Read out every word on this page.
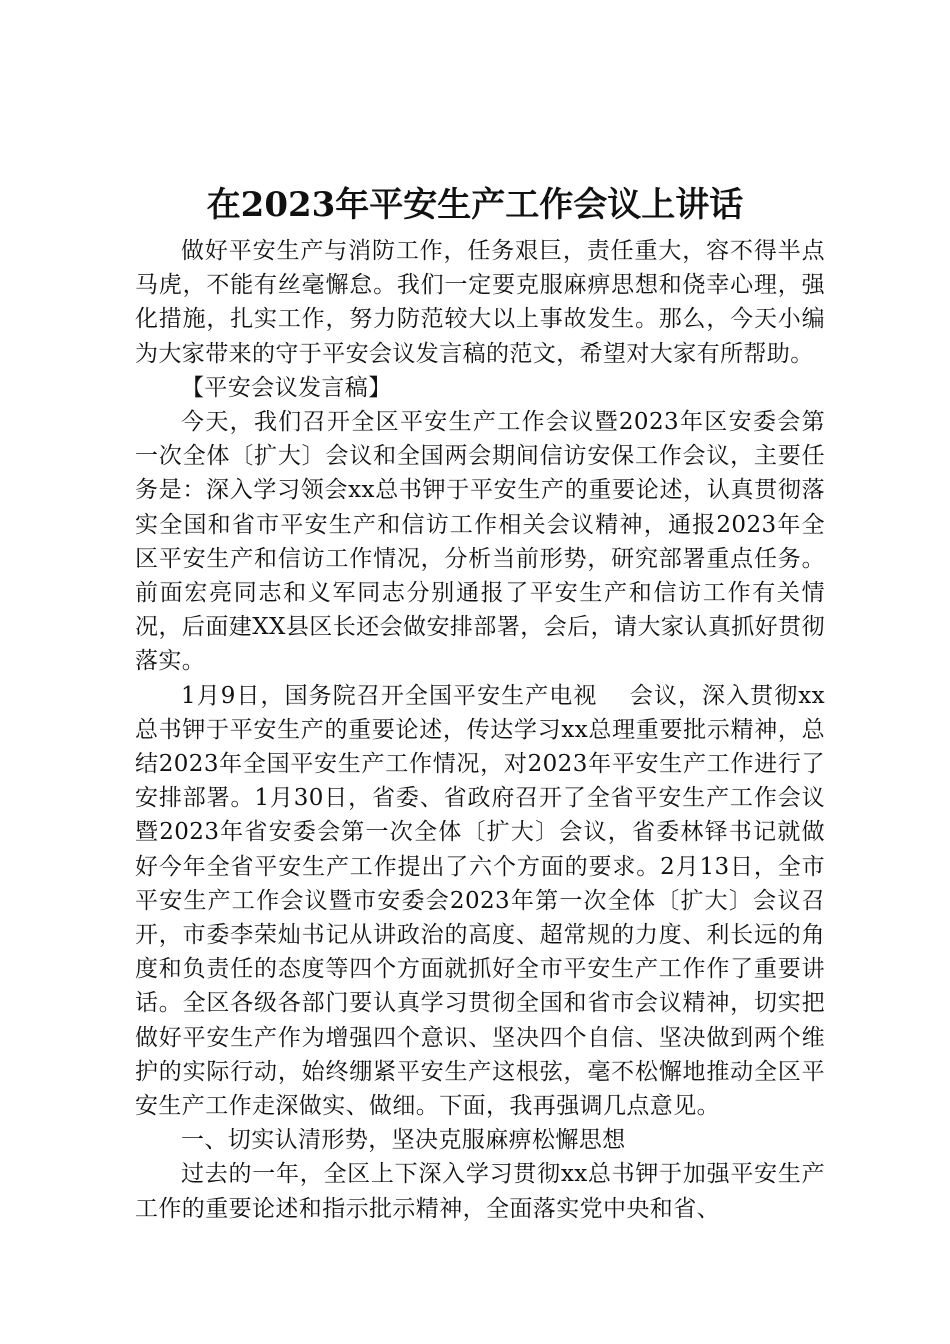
在2023年平安生产工作会议上讲话

做好平安生产与消防工作，任务艰巨，责任重大，容不得半点马虎，不能有丝毫懈怠。我们一定要克服麻痹思想和侥幸心理，强化措施，扎实工作，努力防范较大以上事故发生。那么，今天小编为大家带来的守于平安会议发言稿的范文，希望对大家有所帮助。

【平安会议发言稿】

今天，我们召开全区平安生产工作会议暨2023年区安委会第一次全体〔扩大〕会议和全国两会期间信访安保工作会议，主要任务是：深入学习领会xx总书钾于平安生产的重要论述，认真贯彻落实全国和省市平安生产和信访工作相关会议精神，通报2023年全区平安生产和信访工作情况，分析当前形势，研究部署重点任务。前面宏亮同志和义军同志分别通报了平安生产和信访工作有关情况，后面建XX县区长还会做安排部署，会后，请大家认真抓好贯彻落实。

1月9日，国务院召开全国平安生产电视　 会议，深入贯彻xx总书钾于平安生产的重要论述，传达学习xx总理重要批示精神，总结2023年全国平安生产工作情况，对2023年平安生产工作进行了安排部署。1月30日，省委、省政府召开了全省平安生产工作会议暨2023年省安委会第一次全体〔扩大〕会议，省委林铎书记就做好今年全省平安生产工作提出了六个方面的要求。2月13日，全市平安生产工作会议暨市安委会2023年第一次全体〔扩大〕会议召开，市委李荣灿书记从讲政治的高度、超常规的力度、利长远的角度和负责任的态度等四个方面就抓好全市平安生产工作作了重要讲话。全区各级各部门要认真学习贯彻全国和省市会议精神，切实把做好平安生产作为增强四个意识、坚决四个自信、坚决做到两个维护的实际行动，始终绷紧平安生产这根弦，毫不松懈地推动全区平安生产工作走深做实、做细。下面，我再强调几点意见。

一、切实认清形势，坚决克服麻痹松懈思想

过去的一年，全区上下深入学习贯彻xx总书钾于加强平安生产工作的重要论述和指示批示精神，全面落实党中央和省、
